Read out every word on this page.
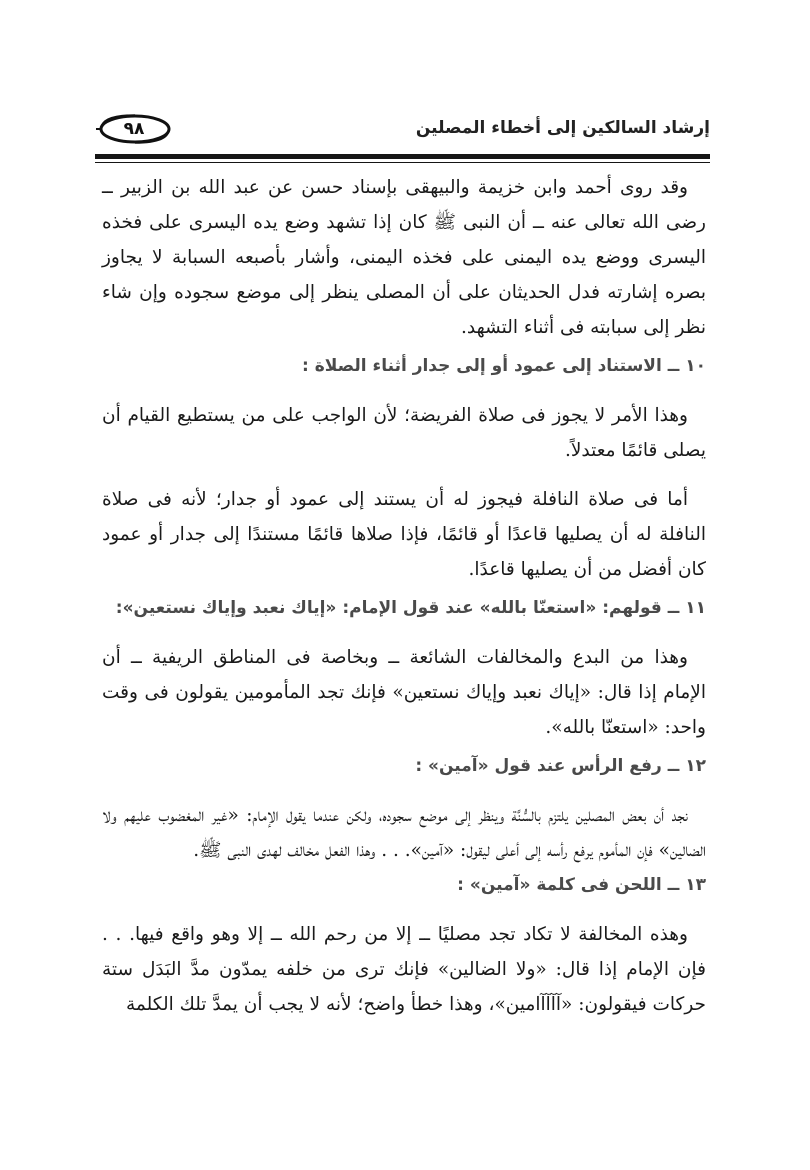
٩٨	إرشاد السالكين إلى أخطاء المصلين

وقد روى أحمد وابن خزيمة والبيهقى بإسناد حسن عن عبد الله بن الزبير ــ رضى الله تعالى عنه ــ أن النبى ﷺ كان إذا تشهد وضع يده اليسرى على فخذه اليسرى ووضع يده اليمنى على فخذه اليمنى، وأشار بأصبعه السبابة لا يجاوز بصره إشارته فدل الحديثان على أن المصلى ينظر إلى موضع سجوده وإن شاء نظر إلى سبابته فى أثناء التشهد.

١٠ ــ الاستناد إلى عمود أو إلى جدار أثناء الصلاة :

وهذا الأمر لا يجوز فى صلاة الفريضة؛ لأن الواجب على من يستطيع القيام أن يصلى قائمًا معتدلاً.

أما فى صلاة النافلة فيجوز له أن يستند إلى عمود أو جدار؛ لأنه فى صلاة النافلة له أن يصليها قاعدًا أو قائمًا، فإذا صلاها قائمًا مستندًا إلى جدار أو عمود كان أفضل من أن يصليها قاعدًا.

١١ ــ قولهم: «استعنّا بالله» عند قول الإمام: «إياك نعبد وإياك نستعين»:

وهذا من البدع والمخالفات الشائعة ــ وبخاصة فى المناطق الريفية ــ أن الإمام إذا قال: «إياك نعبد وإياك نستعين» فإنك تجد المأمومين يقولون فى وقت واحد: «استعنّا بالله».

١٢ ــ رفع الرأس عند قول «آمين» :

نجد أن بعض المصلين يلتزم بالسُّنَّة وينظر إلى موضع سجوده، ولكن عندما يقول الإمام: «غير المغضوب عليهم ولا الضالين» فإن المأموم يرفع رأسه إلى أعلى ليقول: «آمين». . . وهذا الفعل مخالف لهدى النبى ﷺ.

١٣ ــ اللحن فى كلمة «آمين» :

وهذه المخالفة لا تكاد تجد مصليًا ــ إلا من رحم الله ــ إلا وهو واقع فيها. . . فإن الإمام إذا قال: «ولا الضالين» فإنك ترى من خلفه يمدّون مدَّ البَدَل ستة حركات فيقولون: «آآآآامين»، وهذا خطأ واضح؛ لأنه لا يجب أن يمدَّ تلك الكلمة
